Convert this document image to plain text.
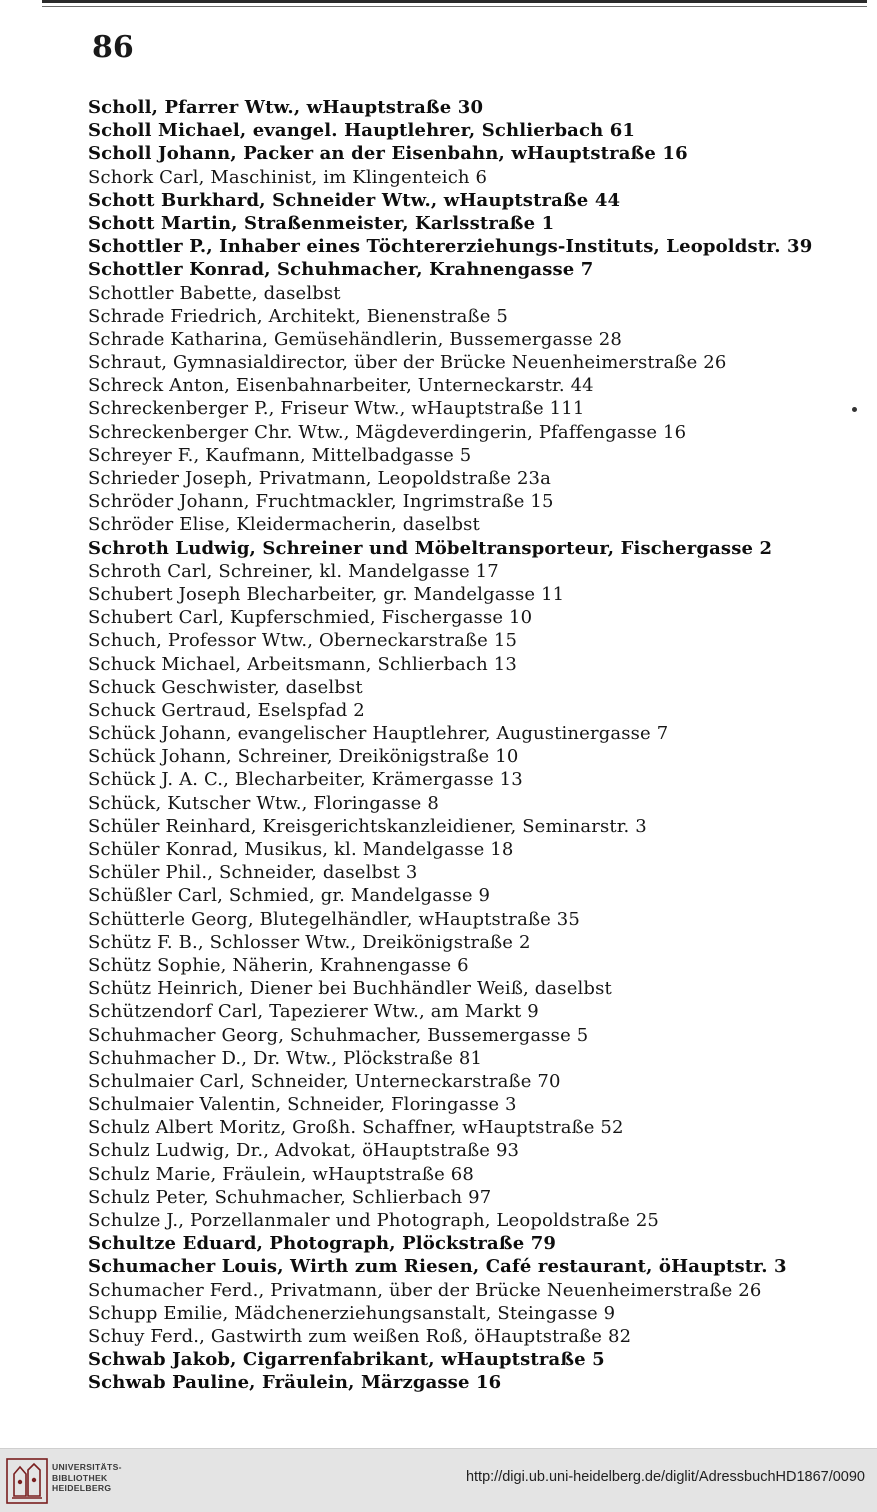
86
Scholl, Pfarrer Wtw., wHauptstraße 30
Scholl Michael, evangel. Hauptlehrer, Schlierbach 61
Scholl Johann, Packer an der Eisenbahn, wHauptstraße 16
Schork Carl, Maschinist, im Klingenteich 6
Schott Burkhard, Schneider Wtw., wHauptstraße 44
Schott Martin, Straßenmeister, Karlsstraße 1
Schottler P., Inhaber eines Töchtererziehungs-Instituts, Leopoldstr. 39
Schottler Konrad, Schuhmacher, Krahnengasse 7
Schottler Babette, daselbst
Schrade Friedrich, Architekt, Bienenstraße 5
Schrade Katharina, Gemüsehändlerin, Bussemergasse 28
Schraut, Gymnasialdirector, über der Brücke Neuenheimerstraße 26
Schreck Anton, Eisenbahnarbeiter, Unterneckarstr. 44
Schreckenberger P., Friseur Wtw., wHauptstraße 111
Schreckenberger Chr. Wtw., Mägdeverdingerin, Pfaffengasse 16
Schreyer F., Kaufmann, Mittelbadgasse 5
Schrieder Joseph, Privatmann, Leopoldstraße 23a
Schröder Johann, Fruchtmackler, Ingrimstraße 15
Schröder Elise, Kleidermacherin, daselbst
Schroth Ludwig, Schreiner und Möbeltransporteur, Fischergasse 2
Schroth Carl, Schreiner, kl. Mandelgasse 17
Schubert Joseph Blecharbeiter, gr. Mandelgasse 11
Schubert Carl, Kupferschmied, Fischergasse 10
Schuch, Professor Wtw., Oberneckarstraße 15
Schuck Michael, Arbeitsmann, Schlierbach 13
Schuck Geschwister, daselbst
Schuck Gertraud, Eselspfad 2
Schück Johann, evangelischer Hauptlehrer, Augustinergasse 7
Schück Johann, Schreiner, Dreikönigstraße 10
Schück J. A. C., Blecharbeiter, Krämergasse 13
Schück, Kutscher Wtw., Floringasse 8
Schüler Reinhard, Kreisgerichtskanzleidiener, Seminarstr. 3
Schüler Konrad, Musikus, kl. Mandelgasse 18
Schüler Phil., Schneider, daselbst 3
Schüßler Carl, Schmied, gr. Mandelgasse 9
Schütterle Georg, Blutegelhändler, wHauptstraße 35
Schütz F. B., Schlosser Wtw., Dreikönigstraße 2
Schütz Sophie, Näherin, Krahnengasse 6
Schütz Heinrich, Diener bei Buchhändler Weiß, daselbst
Schützendorf Carl, Tapezierer Wtw., am Markt 9
Schuhmacher Georg, Schuhmacher, Bussemergasse 5
Schuhmacher D., Dr. Wtw., Plöckstraße 81
Schulmaier Carl, Schneider, Unterneckarstraße 70
Schulmaier Valentin, Schneider, Floringasse 3
Schulz Albert Moritz, Großh. Schaffner, wHauptstraße 52
Schulz Ludwig, Dr., Advokat, öHauptstraße 93
Schulz Marie, Fräulein, wHauptstraße 68
Schulz Peter, Schuhmacher, Schlierbach 97
Schulze J., Porzellanmaler und Photograph, Leopoldstraße 25
Schultze Eduard, Photograph, Plöckstraße 79
Schumacher Louis, Wirth zum Riesen, Café restaurant, öHauptstr. 3
Schumacher Ferd., Privatmann, über der Brücke Neuenheimerstraße 26
Schupp Emilie, Mädchenerziehungsanstalt, Steingasse 9
Schuy Ferd., Gastwirth zum weißen Roß, öHauptstraße 82
Schwab Jakob, Cigarrenfabrikant, wHauptstraße 5
Schwab Pauline, Fräulein, Märzgasse 16
UNIVERSITÄTS-
BIBLIOTHEK
HEIDELBERG
http://digi.ub.uni-heidelberg.de/diglit/AdressbuchHD1867/0090
